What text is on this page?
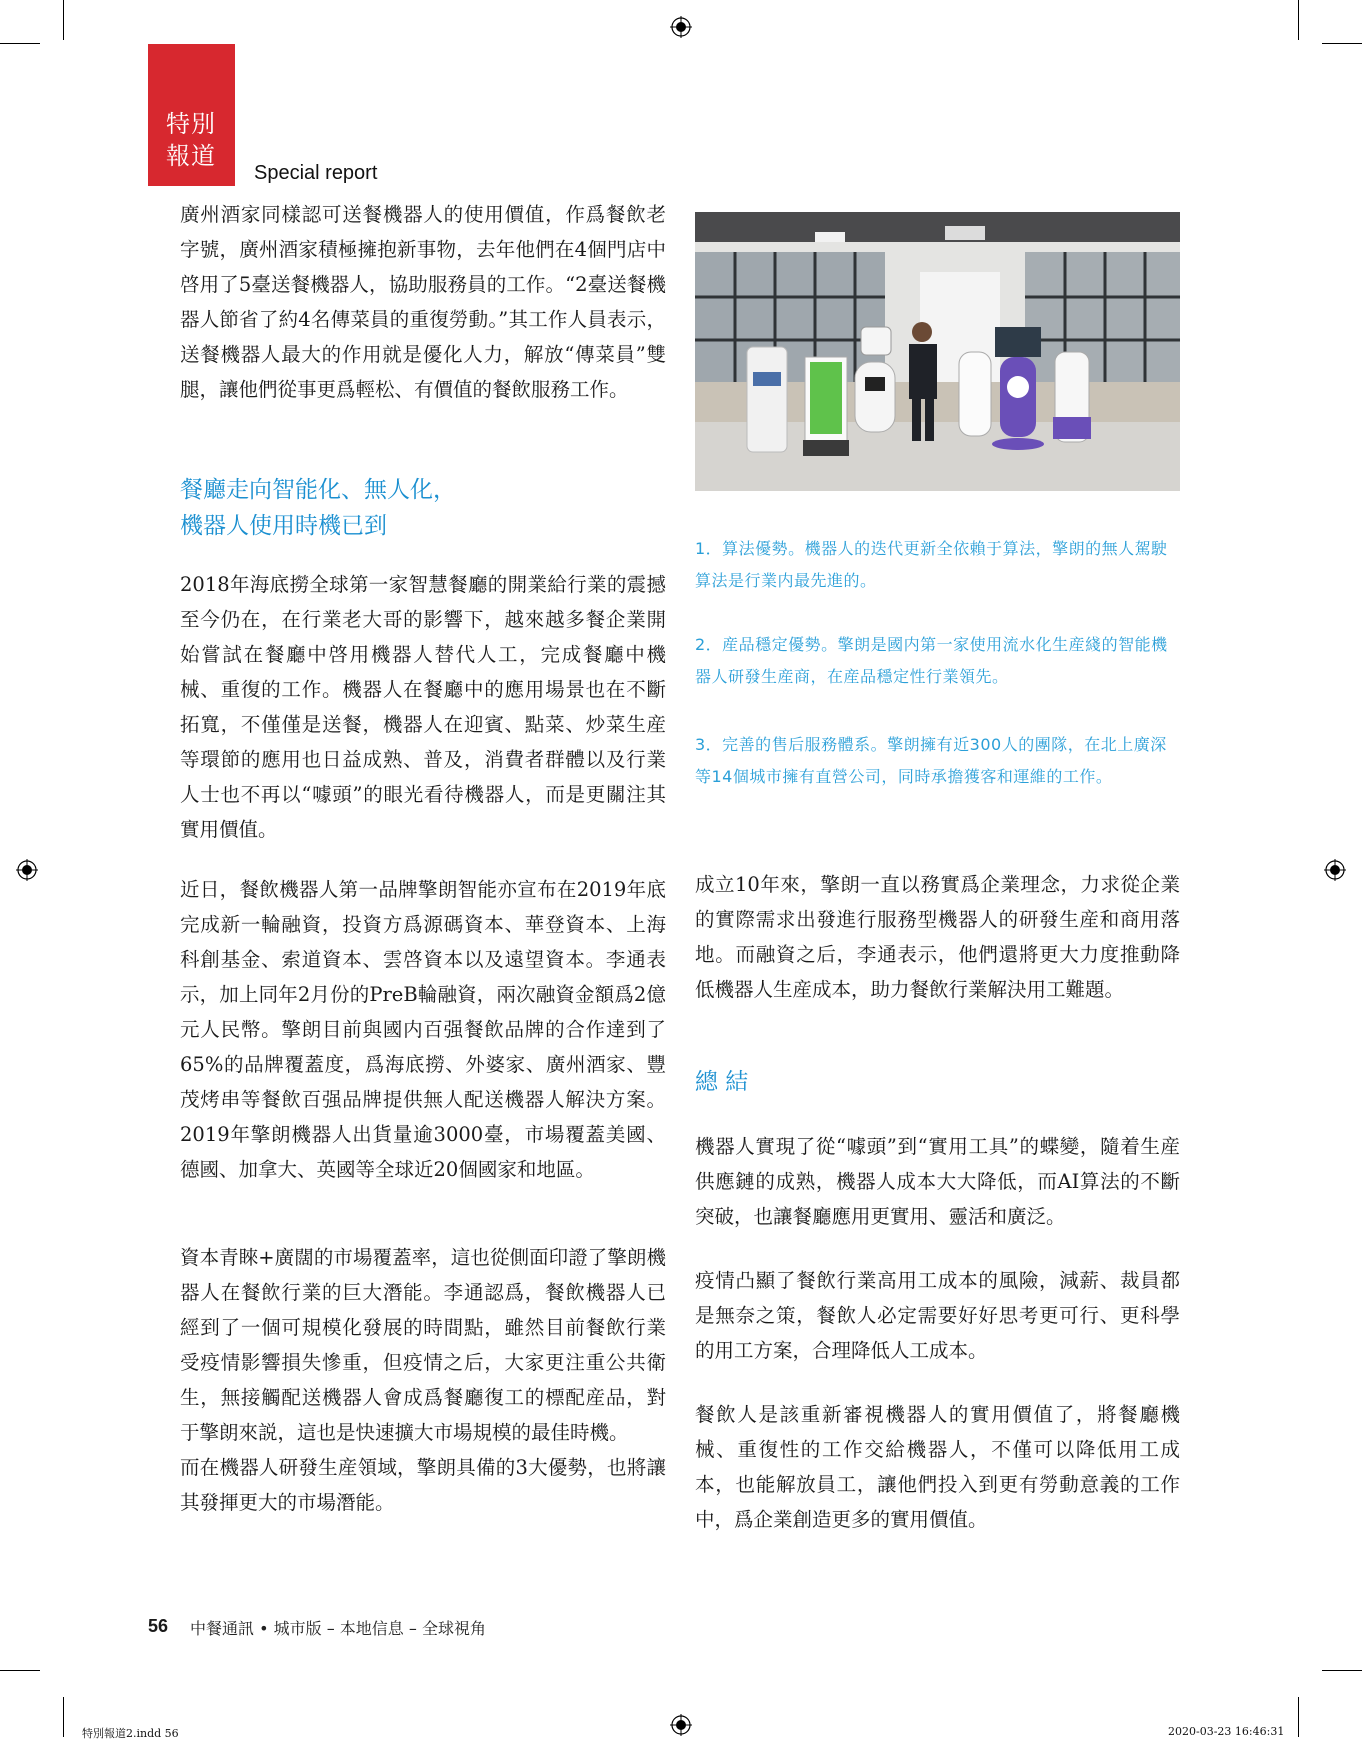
特別
報道
Special report

廣州酒家同樣認可送餐機器人的使用價值，作爲餐飲老字號，廣州酒家積極擁抱新事物，去年他們在4個門店中啓用了5臺送餐機器人，協助服務員的工作。“2臺送餐機器人節省了約4名傳菜員的重復勞動。”其工作人員表示，送餐機器人最大的作用就是優化人力，解放“傳菜員”雙腿，讓他們從事更爲輕松、有價值的餐飲服務工作。

餐廳走向智能化、無人化，

機器人使用時機已到

2018年海底撈全球第一家智慧餐廳的開業給行業的震撼至今仍在，在行業老大哥的影響下，越來越多餐企業開始嘗試在餐廳中啓用機器人替代人工，完成餐廳中機械、重復的工作。機器人在餐廳中的應用場景也在不斷拓寬，不僅僅是送餐，機器人在迎賓、點菜、炒菜生産等環節的應用也日益成熟、普及，消費者群體以及行業人士也不再以“噱頭”的眼光看待機器人，而是更關注其實用價值。

近日，餐飲機器人第一品牌擎朗智能亦宣布在2019年底完成新一輪融資，投資方爲源碼資本、華登資本、上海科創基金、索道資本、雲啓資本以及遠望資本。李通表示，加上同年2月份的PreB輪融資，兩次融資金額爲2億元人民幣。擎朗目前與國内百强餐飲品牌的合作達到了65%的品牌覆蓋度，爲海底撈、外婆家、廣州酒家、豐茂烤串等餐飲百强品牌提供無人配送機器人解決方案。2019年擎朗機器人出貨量逾3000臺，市場覆蓋美國、德國、加拿大、英國等全球近20個國家和地區。

資本青睞+廣闊的市場覆蓋率，這也從側面印證了擎朗機器人在餐飲行業的巨大潛能。李通認爲，餐飲機器人已經到了一個可規模化發展的時間點，雖然目前餐飲行業受疫情影響損失慘重，但疫情之后，大家更注重公共衛生，無接觸配送機器人會成爲餐廳復工的標配産品，對于擎朗來説，這也是快速擴大市場規模的最佳時機。

而在機器人研發生産領域，擎朗具備的3大優勢，也將讓其發揮更大的市場潛能。

1．算法優勢。機器人的迭代更新全依賴于算法，擎朗的無人駕駛算法是行業内最先進的。

2．産品穩定優勢。擎朗是國内第一家使用流水化生産綫的智能機器人研發生産商，在産品穩定性行業領先。

3．完善的售后服務體系。擎朗擁有近300人的團隊，在北上廣深等14個城市擁有直營公司，同時承擔獲客和運維的工作。

成立10年來，擎朗一直以務實爲企業理念，力求從企業的實際需求出發進行服務型機器人的研發生産和商用落地。而融資之后，李通表示，他們還將更大力度推動降低機器人生産成本，助力餐飲行業解決用工難題。

總 結

機器人實現了從“噱頭”到“實用工具”的蝶變，隨着生産供應鏈的成熟，機器人成本大大降低，而AI算法的不斷突破，也讓餐廳應用更實用、靈活和廣泛。

疫情凸顯了餐飲行業高用工成本的風險，減薪、裁員都是無奈之策，餐飲人必定需要好好思考更可行、更科學的用工方案，合理降低人工成本。

餐飲人是該重新審視機器人的實用價值了，將餐廳機械、重復性的工作交給機器人，不僅可以降低用工成本，也能解放員工，讓他們投入到更有勞動意義的工作中，爲企業創造更多的實用價值。

56 中餐通訊 • 城市版 – 本地信息 – 全球視角
特別報道2.indd 56	2020-03-23 16:46:31
